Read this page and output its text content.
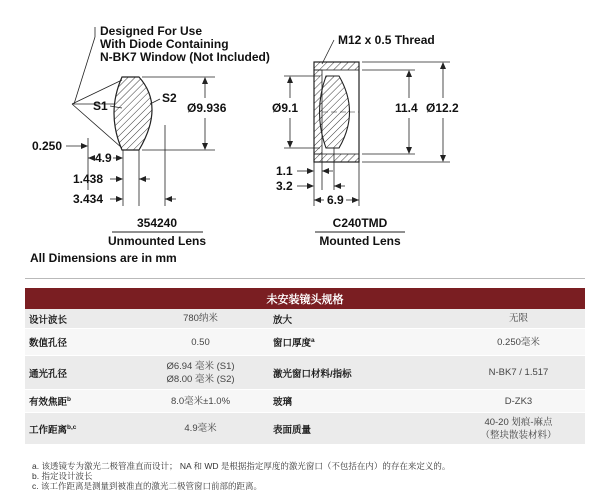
Designed For Use
With Diode Containing
N-BK7 Window (Not Included)
S1
S2
Ø9.936
0.250
4.9
1.438
3.434
354240
Unmounted Lens
M12 x 0.5 Thread
Ø9.1	11.4 Ø12.2
1.1
3.2
6.9
C240TMD
Mounted Lens
All Dimensions are in mm
未安装镜头规格			
设计波长	780纳米	放大	无限
数值孔径	0.50	窗口厚度$^a$	0.250毫米
通光孔径	Ø6.94 毫米 (S1)
Ø8.00 毫米 (S2)	激光窗口材料/指标	N-BK7 / 1.517
有效焦距$^b$	8.0毫米±1.0%	玻璃	D-ZK3
工作距离$^{b,c}$	4.9毫米	表面质量	40-20 划痕-麻点
（整块散装材料）
a. 该透镜专为激光二极管准直而设计； NA 和 WD 是根据指定厚度的激光窗口（不包括在内）的存在来定义的。
b. 指定设计波长
c. 该工作距离是测量到被准直的激光二极管窗口前部的距离。
